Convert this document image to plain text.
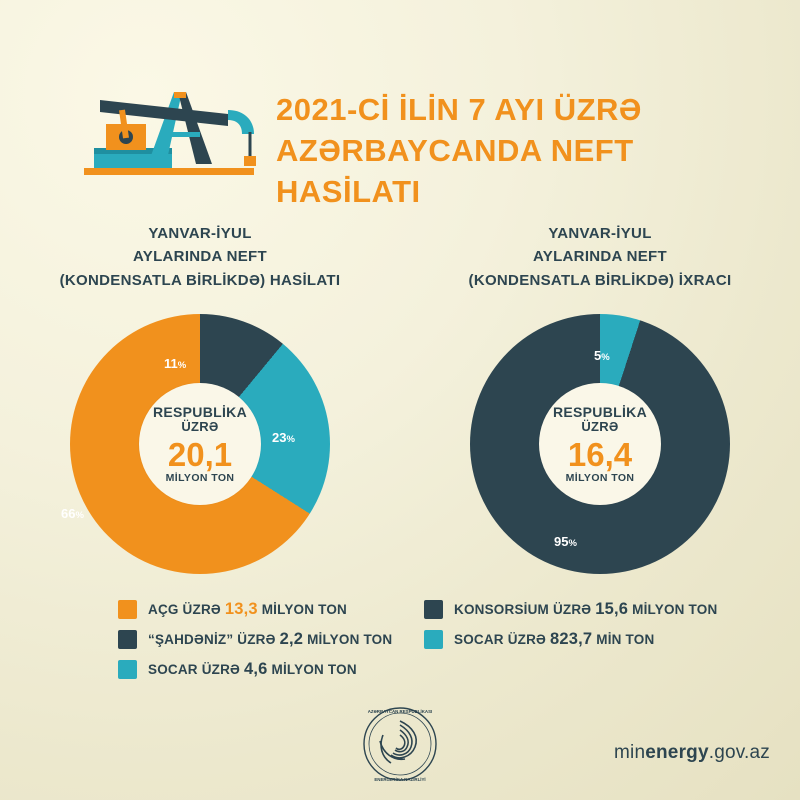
2021-Cİ İLİN 7 AYI ÜZRƏ
AZƏRBAYCANDA NEFT HASİLATI
YANVAR-İYUL
AYLARINDA NEFT
(KONDENSATLA BİRLİKDƏ) HASİLATI
RESPUBLİKA
ÜZRƏ
20,1
MİLYON TON
11%
23%
66%
AÇG ÜZRƏ 13,3 MİLYON TON
“ŞAHDƏNİZ” ÜZRƏ 2,2 MİLYON TON
SOCAR ÜZRƏ 4,6 MİLYON TON
YANVAR-İYUL
AYLARINDA NEFT
(KONDENSATLA BİRLİKDƏ) İXRACI
RESPUBLİKA
ÜZRƏ
16,4
MİLYON TON
5%
95%
KONSORSİUM ÜZRƏ 15,6 MİLYON TON
SOCAR ÜZRƏ 823,7 MİN TON
AZƏRBAYCAN RESPUBLİKASI
ENERGETİKA NAZİRLİYİ
minenergy.gov.az
